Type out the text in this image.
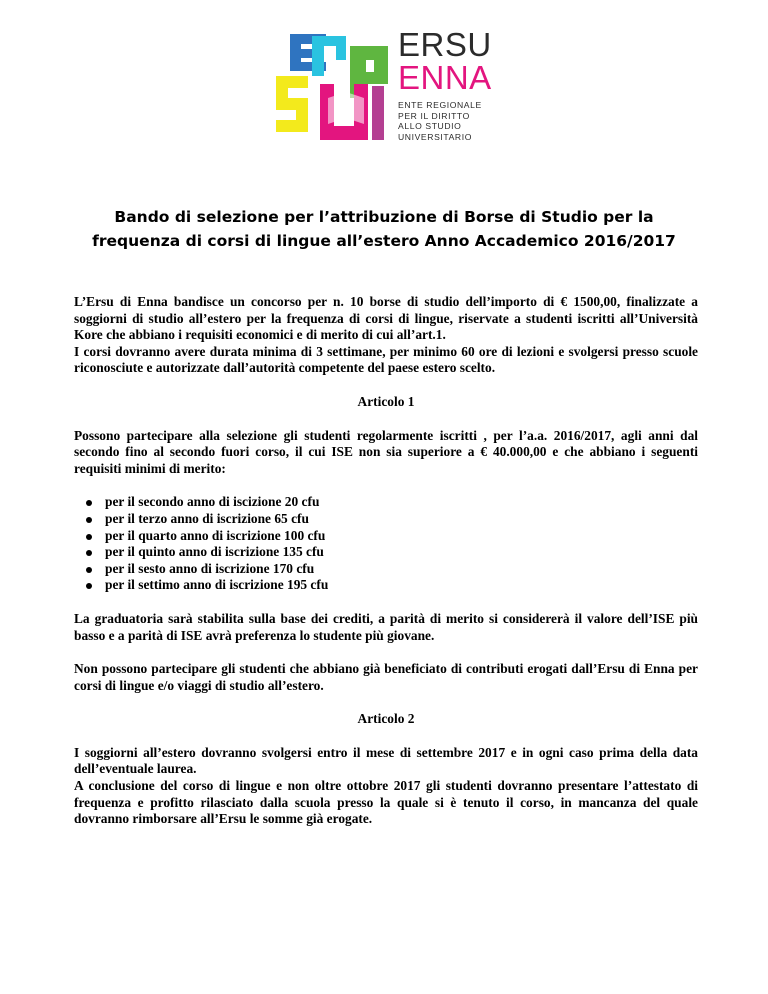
ERSU
ENNA
ENTE REGIONALE
PER IL DIRITTO
ALLO STUDIO
UNIVERSITARIO
Bando di selezione per l’attribuzione di Borse di Studio per la frequenza di corsi di lingue all’estero Anno Accademico 2016/2017

L’Ersu di Enna bandisce un concorso per n. 10 borse di studio dell’importo di € 1500,00, finalizzate a soggiorni di studio all’estero per la frequenza di corsi di lingue, riservate a studenti iscritti all’Università Kore che abbiano i requisiti economici e di merito di cui all’art.1.

I corsi dovranno avere durata minima di 3 settimane, per minimo 60 ore di lezioni e svolgersi presso scuole riconosciute e autorizzate dall’autorità competente del paese estero scelto.

Articolo 1

Possono partecipare alla selezione gli studenti regolarmente iscritti , per l’a.a. 2016/2017, agli anni dal secondo fino al secondo fuori corso, il cui ISE non sia superiore a € 40.000,00 e che abbiano i seguenti requisiti minimi di merito:

per il secondo anno di iscizione 20 cfu
per il terzo anno di iscrizione 65 cfu
per il quarto anno di iscrizione 100 cfu
per il quinto anno di iscrizione 135 cfu
per il sesto anno di iscrizione 170 cfu
per il settimo anno di iscrizione 195 cfu

La graduatoria sarà stabilita sulla base dei crediti, a parità di merito si considererà il valore dell’ISE più basso e a parità di ISE avrà preferenza lo studente più giovane.

Non possono partecipare gli studenti che abbiano già beneficiato di contributi erogati dall’Ersu di Enna per corsi di lingue e/o viaggi di studio all’estero.

Articolo 2

I soggiorni all’estero dovranno svolgersi entro il mese di settembre 2017 e in ogni caso prima della data dell’eventuale laurea.

A conclusione del corso di lingue e non oltre ottobre 2017 gli studenti dovranno presentare l’attestato di frequenza e profitto rilasciato dalla scuola presso la quale si è tenuto il corso, in mancanza del quale dovranno rimborsare all’Ersu le somme già erogate.
